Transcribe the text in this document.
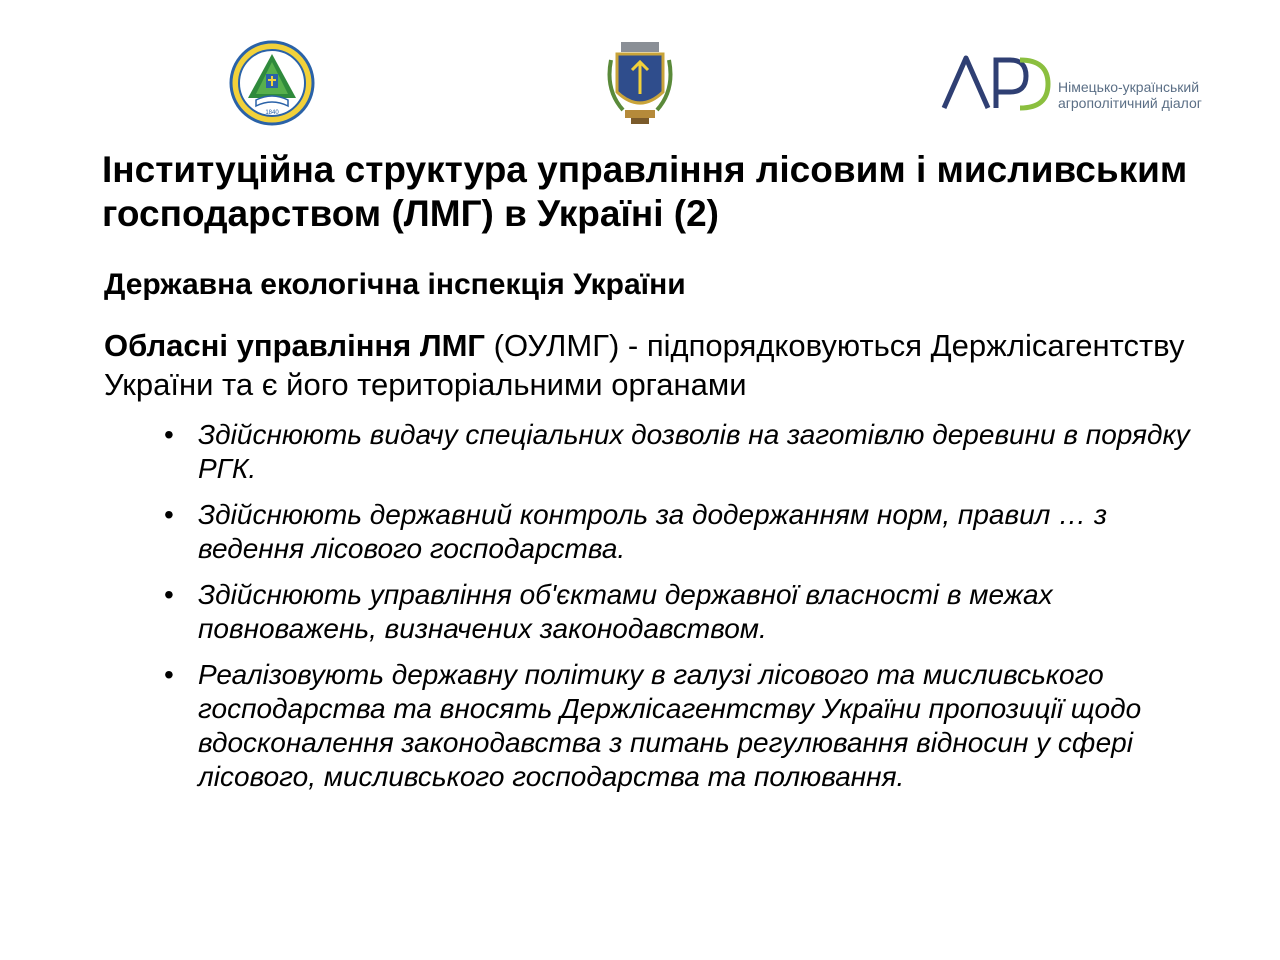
1840
Німецько-український
агрополітичний діалог
Інституційна структура управління лісовим і мисливським господарством (ЛМГ) в Україні (2)

Державна екологічна інспекція України

Обласні управління ЛМГ (ОУЛМГ) - підпорядковуються Держлісагентству України та є його територіальними органами

• Здійснюють видачу спеціальних дозволів на заготівлю деревини в порядку РГК.
• Здійснюють державний контроль за додержанням норм, правил … з ведення лісового господарства.
• Здійснюють управління об'єктами державної власності в межах повноважень, визначених законодавством.
• Реалізовують державну політику в галузі лісового та мисливського господарства та вносять Держлісагентству України пропозиції щодо вдосконалення законодавства з питань регулювання відносин у сфері лісового, мисливського господарства та полювання.
